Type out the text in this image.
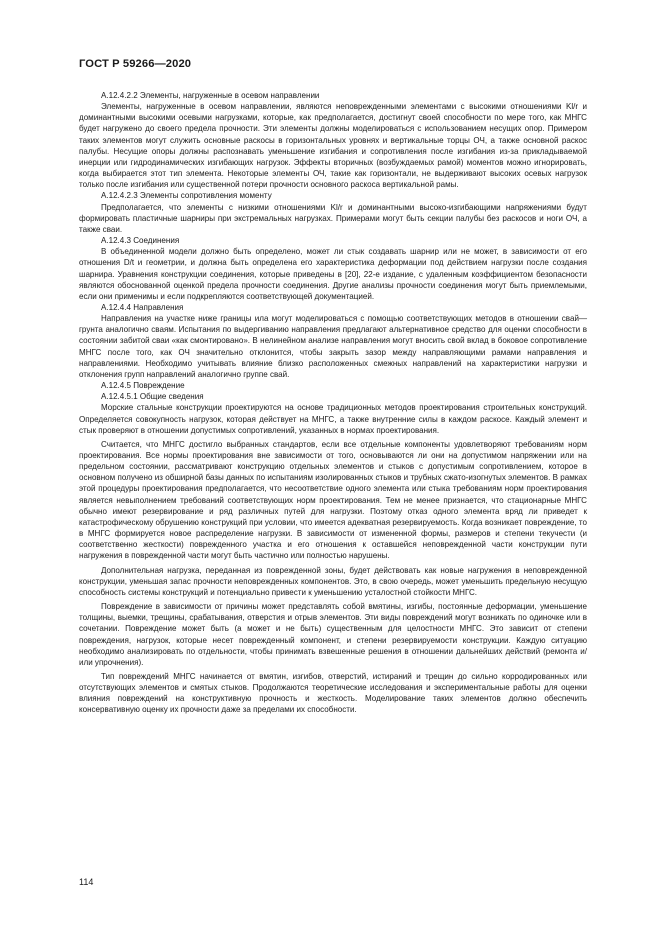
ГОСТ Р 59266—2020

А.12.4.2.2 Элементы, нагруженные в осевом направлении

Элементы, нагруженные в осевом направлении, являются неповрежденными элементами с высокими отношениями Kl/r и доминантными высокими осевыми нагрузками, которые, как предполагается, достигнут своей способности по мере того, как МНГС будет нагружено до своего предела прочности. Эти элементы должны моделироваться с использованием несущих опор. Примером таких элементов могут служить основные раскосы в горизонтальных уровнях и вертикальные торцы ОЧ, а также основной раскос палубы. Несущие опоры должны распознавать уменьшение изгибания и сопротивления после изгибания из-за прикладываемой инерции или гидродинамических изгибающих нагрузок. Эффекты вторичных (возбуждаемых рамой) моментов можно игнорировать, когда выбирается этот тип элемента. Некоторые элементы ОЧ, такие как горизонтали, не выдерживают высоких осевых нагрузок только после изгибания или существенной потери прочности основного раскоса вертикальной рамы.

А.12.4.2.3 Элементы сопротивления моменту

Предполагается, что элементы с низкими отношениями Kl/r и доминантными высоко-изгибающими напряжениями будут формировать пластичные шарниры при экстремальных нагрузках. Примерами могут быть секции палубы без раскосов и ноги ОЧ, а также сваи.

А.12.4.3 Соединения

В объединенной модели должно быть определено, может ли стык создавать шарнир или не может, в зависимости от его отношения D/t и геометрии, и должна быть определена его характеристика деформации под действием нагрузки после создания шарнира. Уравнения конструкции соединения, которые приведены в [20], 22-е издание, с удаленным коэффициентом безопасности являются обоснованной оценкой предела прочности соединения. Другие анализы прочности соединения могут быть приемлемыми, если они применимы и если подкрепляются соответствующей документацией.

А.12.4.4 Направления

Направления на участке ниже границы ила могут моделироваться с помощью соответствующих методов в отношении свай—грунта аналогично сваям. Испытания по выдергиванию направления предлагают альтернативное средство для оценки способности в состоянии забитой сваи «как смонтировано». В нелинейном анализе направления могут вносить свой вклад в боковое сопротивление МНГС после того, как ОЧ значительно отклонится, чтобы закрыть зазор между направляющими рамами направления и направлениями. Необходимо учитывать влияние близко расположенных смежных направлений на характеристики нагрузки и отклонения групп направлений аналогично группе свай.

А.12.4.5 Повреждение

А.12.4.5.1 Общие сведения

Морские стальные конструкции проектируются на основе традиционных методов проектирования строительных конструкций. Определяется совокупность нагрузок, которая действует на МНГС, а также внутренние силы в каждом раскосе. Каждый элемент и стык проверяют в отношении допустимых сопротивлений, указанных в нормах проектирования.

Считается, что МНГС достигло выбранных стандартов, если все отдельные компоненты удовлетворяют требованиям норм проектирования. Все нормы проектирования вне зависимости от того, основываются ли они на допустимом напряжении или на предельном состоянии, рассматривают конструкцию отдельных элементов и стыков с допустимым сопротивлением, которое в основном получено из обширной базы данных по испытаниям изолированных стыков и трубных сжато-изогнутых элементов. В рамках этой процедуры проектирования предполагается, что несоответствие одного элемента или стыка требованиям норм проектирования является невыполнением требований соответствующих норм проектирования. Тем не менее признается, что стационарные МНГС обычно имеют резервирование и ряд различных путей для нагрузки. Поэтому отказ одного элемента вряд ли приведет к катастрофическому обрушению конструкций при условии, что имеется адекватная резервируемость. Когда возникает повреждение, то в МНГС формируется новое распределение нагрузки. В зависимости от измененной формы, размеров и степени текучести (и соответственно жесткости) поврежденного участка и его отношения к оставшейся неповрежденной части конструкции пути нагружения в поврежденной части могут быть частично или полностью нарушены.

Дополнительная нагрузка, переданная из поврежденной зоны, будет действовать как новые нагружения в неповрежденной конструкции, уменьшая запас прочности неповрежденных компонентов. Это, в свою очередь, может уменьшить предельную несущую способность системы конструкций и потенциально привести к уменьшению усталостной стойкости МНГС.

Повреждение в зависимости от причины может представлять собой вмятины, изгибы, постоянные деформации, уменьшение толщины, выемки, трещины, срабатывания, отверстия и отрыв элементов. Эти виды повреждений могут возникать по одиночке или в сочетании. Повреждение может быть (а может и не быть) существенным для целостности МНГС. Это зависит от степени повреждения, нагрузок, которые несет поврежденный компонент, и степени резервируемости конструкции. Каждую ситуацию необходимо анализировать по отдельности, чтобы принимать взвешенные решения в отношении дальнейших действий (ремонта и/или упрочнения).

Тип повреждений МНГС начинается от вмятин, изгибов, отверстий, истираний и трещин до сильно корродированных или отсутствующих элементов и смятых стыков. Продолжаются теоретические исследования и экспериментальные работы для оценки влияния повреждений на конструктивную прочность и жесткость. Моделирование таких элементов должно обеспечить консервативную оценку их прочности даже за пределами их способности.

114
